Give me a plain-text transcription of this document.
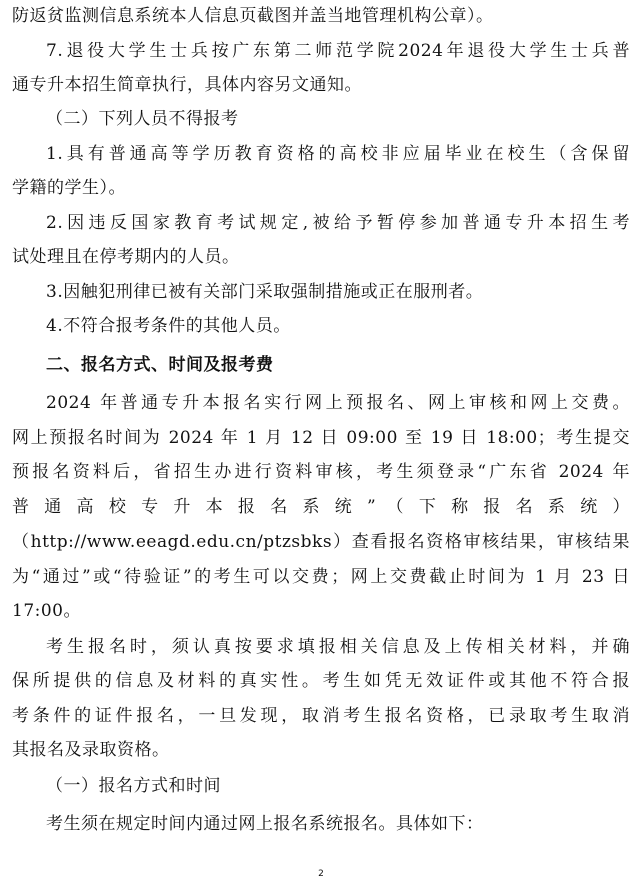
防返贫监测信息系统本人信息页截图并盖当地管理机构公章）。
7.退役大学生士兵按广东第二师范学院2024年退役大学生士兵普
通专升本招生简章执行，具体内容另文通知。
（二）下列人员不得报考
1.具有普通高等学历教育资格的高校非应届毕业在校生（含保留
学籍的学生）。
2.因违反国家教育考试规定,被给予暂停参加普通专升本招生考
试处理且在停考期内的人员。
3.因触犯刑律已被有关部门采取强制措施或正在服刑者。
4.不符合报考条件的其他人员。
二、报名方式、时间及报考费
2024 年普通专升本报名实行网上预报名、网上审核和网上交费。
网上预报名时间为 2024 年 1 月 12 日 09:00 至 19 日 18:00；考生提交
预报名资料后，省招生办进行资料审核，考生须登录“广东省 2024 年
普 通 高 校 专 升 本 报 名 系 统 ” （ 下 称 报 名 系 统 ）
（http://www.eeagd.edu.cn/ptzsbks）查看报名资格审核结果，审核结果
为“通过”或“待验证”的考生可以交费；网上交费截止时间为 1 月 23 日
17:00。
考生报名时，须认真按要求填报相关信息及上传相关材料，并确
保所提供的信息及材料的真实性。考生如凭无效证件或其他不符合报
考条件的证件报名，一旦发现，取消考生报名资格，已录取考生取消
其报名及录取资格。
（一）报名方式和时间
考生须在规定时间内通过网上报名系统报名。具体如下：
2
